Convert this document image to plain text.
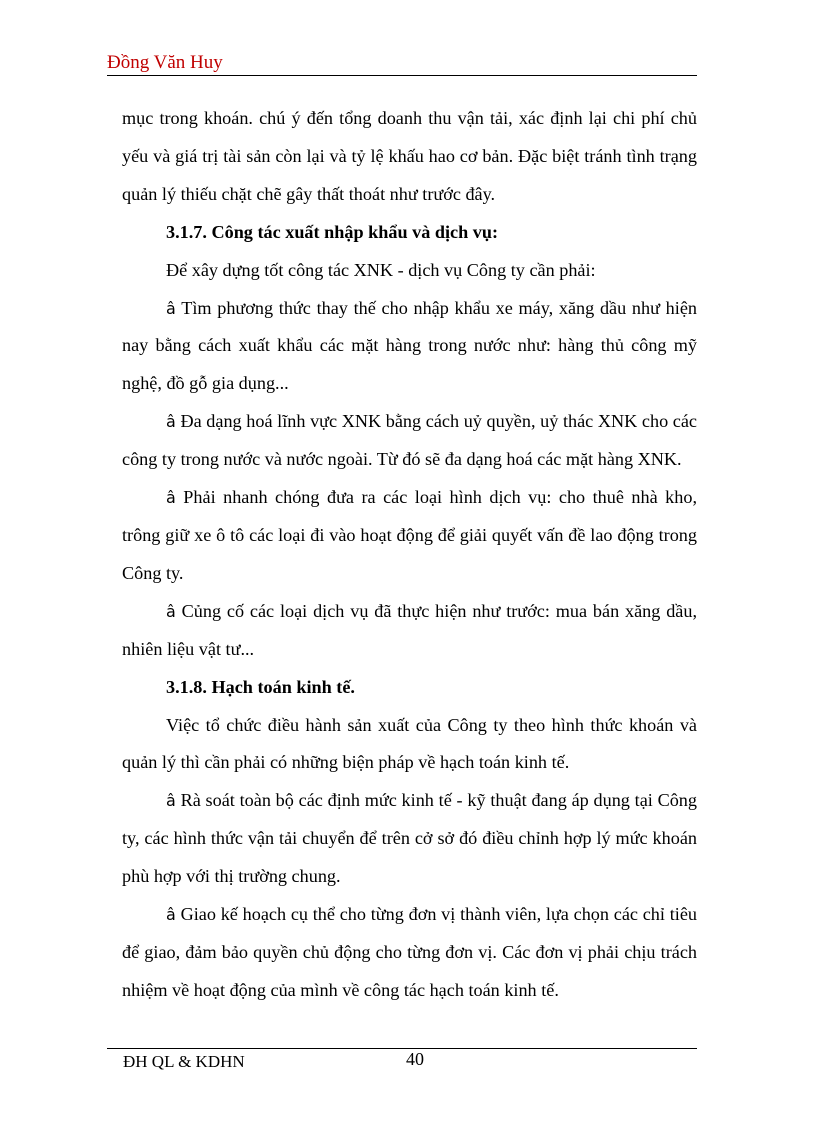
Đồng Văn Huy

mục trong khoán. chú ý đến tổng doanh thu vận tải, xác định lại chi phí chủ yếu và giá trị tài sản còn lại và tỷ lệ khấu hao cơ bản. Đặc biệt tránh tình trạng quản lý thiếu chặt chẽ gây thất thoát như trước đây.

3.1.7. Công tác xuất nhập khẩu và dịch vụ:

Để xây dựng tốt công tác XNK - dịch vụ Công ty cần phải:

â Tìm phương thức thay thế cho nhập khẩu xe máy, xăng dầu như hiện nay bằng cách xuất khẩu các mặt hàng trong nước như: hàng thủ công mỹ nghệ, đồ gỗ gia dụng...

â Đa dạng hoá lĩnh vực XNK bằng cách uỷ quyền, uỷ thác XNK cho các công ty trong nước và nước ngoài. Từ đó sẽ đa dạng hoá các mặt hàng XNK.

â Phải nhanh chóng đưa ra các loại hình dịch vụ: cho thuê nhà kho, trông giữ xe ô tô các loại đi vào hoạt động để giải quyết vấn đề lao động trong Công ty.

â Củng cố các loại dịch vụ đã thực hiện như trước: mua bán xăng dầu, nhiên liệu vật tư...

3.1.8. Hạch toán kinh tế.

Việc tổ chức điều hành sản xuất của Công ty theo hình thức khoán và quản lý thì cần phải có những biện pháp về hạch toán kinh tế.

â Rà soát toàn bộ các định mức kinh tế - kỹ thuật đang áp dụng tại Công ty, các hình thức vận tải chuyển để trên cở sở đó điều chỉnh hợp lý mức khoán phù hợp với thị trường chung.

â Giao kế hoạch cụ thể cho từng đơn vị thành viên, lựa chọn các chỉ tiêu để giao, đảm bảo quyền chủ động cho từng đơn vị. Các đơn vị phải chịu trách nhiệm về hoạt động của mình về công tác hạch toán kinh tế.

ĐH QL & KDHN	40
